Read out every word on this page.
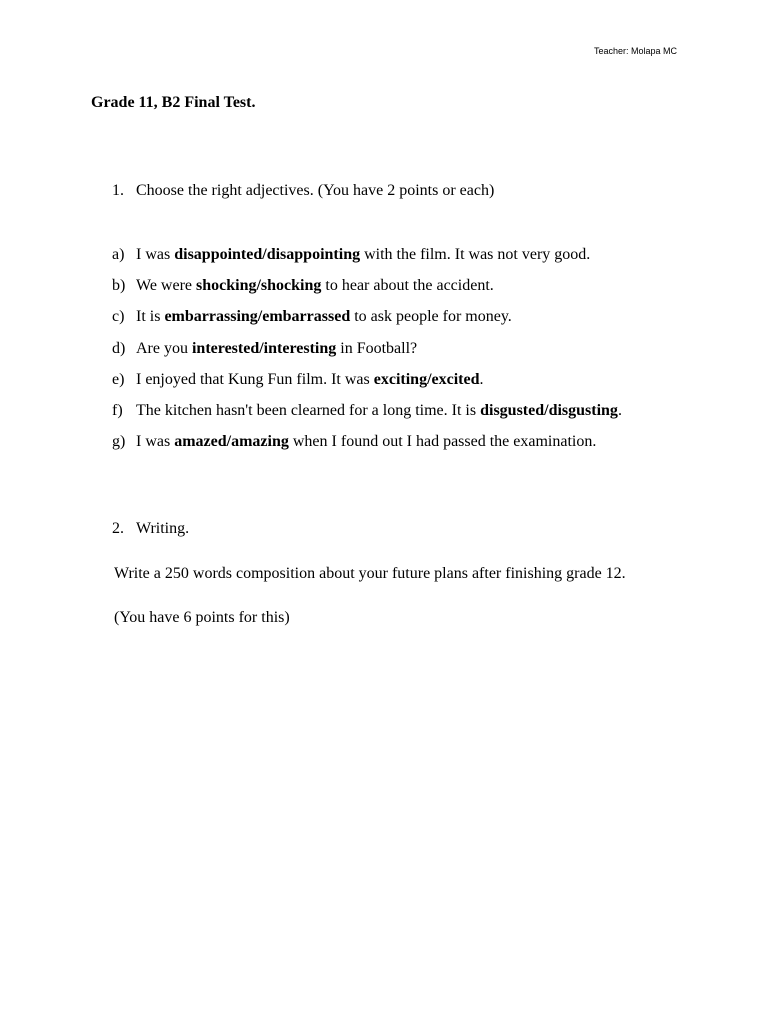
Teacher: Molapa MC
Grade 11, B2 Final Test.
1. Choose the right adjectives. (You have 2 points or each)
a) I was disappointed/disappointing with the film. It was not very good.
b) We were shocking/shocking to hear about the accident.
c) It is embarrassing/embarrassed to ask people for money.
d) Are you interested/interesting in Football?
e) I enjoyed that Kung Fun film. It was exciting/excited.
f) The kitchen hasn't been clearned for a long time. It is disgusted/disgusting.
g) I was amazed/amazing when I found out I had passed the examination.
2. Writing.

Write a 250 words composition about your future plans after finishing grade 12.

(You have 6 points for this)
